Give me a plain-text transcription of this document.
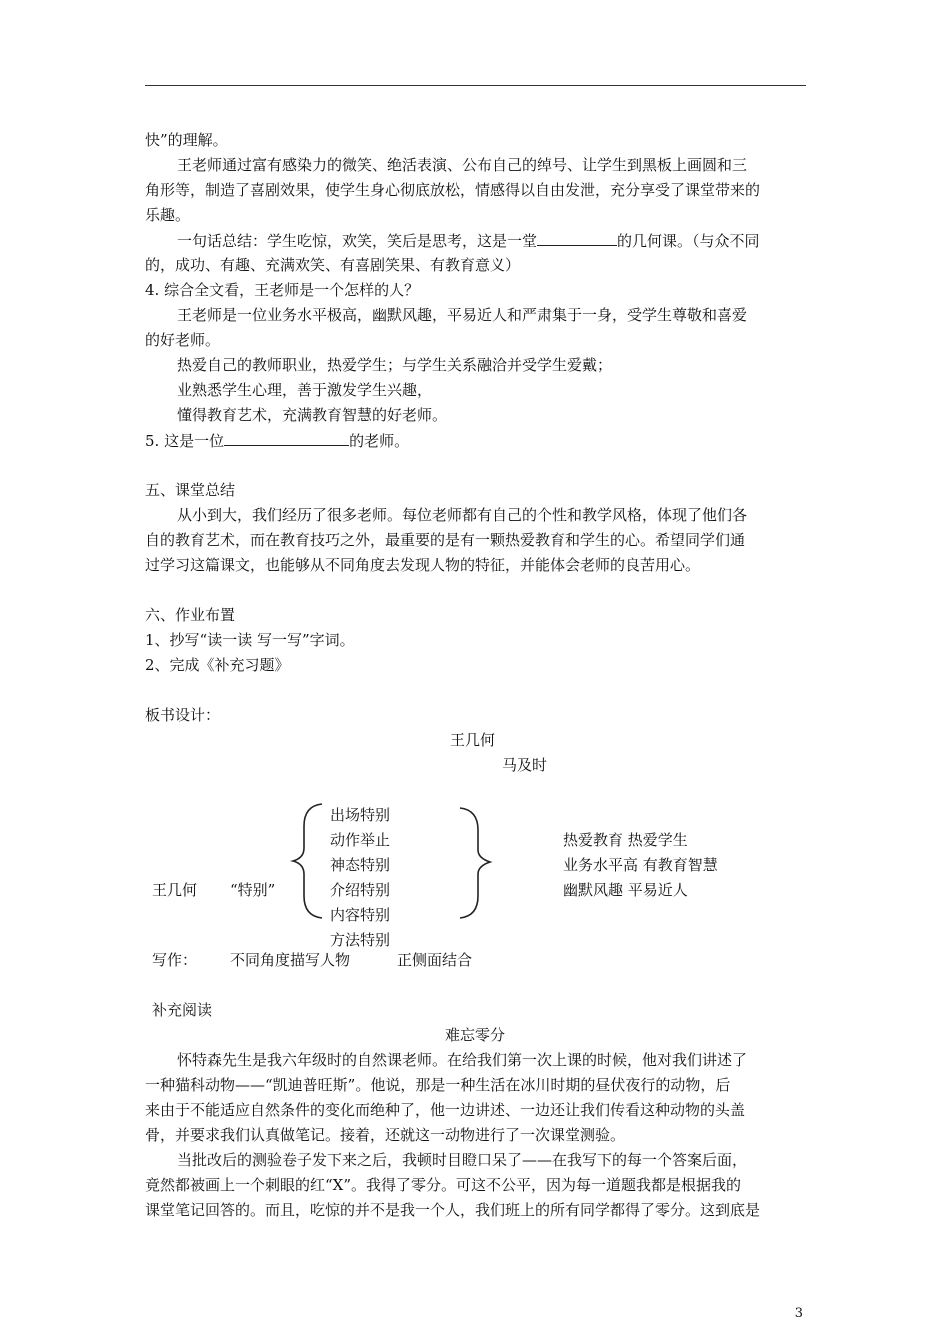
快”的理解。
王老师通过富有感染力的微笑、绝活表演、公布自己的绰号、让学生到黑板上画圆和三
角形等，制造了喜剧效果，使学生身心彻底放松，情感得以自由发泄，充分享受了课堂带来的
乐趣。
一句话总结：学生吃惊，欢笑，笑后是思考，这是一堂	的几何课。（与众不同
的，成功、有趣、充满欢笑、有喜剧笑果、有教育意义）
4. 综合全文看，王老师是一个怎样的人？
王老师是一位业务水平极高，幽默风趣，平易近人和严肃集于一身，受学生尊敬和喜爱
的好老师。
热爱自己的教师职业，热爱学生；与学生关系融洽并受学生爱戴；
业熟悉学生心理，善于激发学生兴趣，
懂得教育艺术，充满教育智慧的好老师。
5. 这是一位	的老师。
五、课堂总结
从小到大，我们经历了很多老师。每位老师都有自己的个性和教学风格，体现了他们各
自的教育艺术，而在教育技巧之外，最重要的是有一颗热爱教育和学生的心。希望同学们通
过学习这篇课文，也能够从不同角度去发现人物的特征，并能体会老师的良苦用心。
六、作业布置
1、抄写“读一读 写一写”字词。
2、完成《补充习题》
板书设计：
王几何
马及时
出场特别
动作举止
神态特别
介绍特别
内容特别
方法特别
王几何 “特别”
热爱教育 热爱学生
业务水平高 有教育智慧
幽默风趣 平易近人
写作： 不同角度描写人物	正侧面结合
补充阅读
难忘零分
怀特森先生是我六年级时的自然课老师。在给我们第一次上课的时候，他对我们讲述了
一种猫科动物——“凯迪普旺斯”。他说，那是一种生活在冰川时期的昼伏夜行的动物，后
来由于不能适应自然条件的变化而绝种了，他一边讲述、一边还让我们传看这种动物的头盖
骨，并要求我们认真做笔记。接着，还就这一动物进行了一次课堂测验。
当批改后的测验卷子发下来之后，我顿时目瞪口呆了——在我写下的每一个答案后面，
竟然都被画上一个刺眼的红“X”。我得了零分。可这不公平，因为每一道题我都是根据我的
课堂笔记回答的。而且，吃惊的并不是我一个人，我们班上的所有同学都得了零分。这到底是
3
